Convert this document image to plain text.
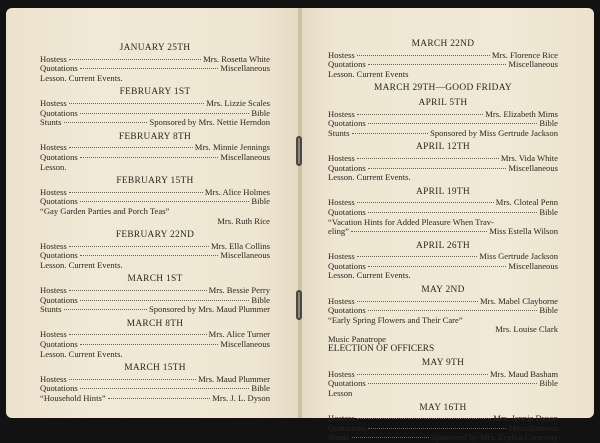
JANUARY 25TH
Hostess	Mrs. Rosetta White
Quotations	Miscellaneous
Lesson. Current Events.
FEBRUARY 1ST
Hostess	Mrs. Lizzie Scales
Quotations	Bible
Stunts	Sponsored by Mrs. Nettie Herndon
FEBRUARY 8TH
Hostess	Mrs. Minnie Jennings
Quotations	Miscellaneous
Lesson.
FEBRUARY 15TH
Hostess	Mrs. Alice Holmes
Quotations	Bible
“Gay Garden Parties and Porch Teas”
Mrs. Ruth Rice
FEBRUARY 22ND
Hostess	Mrs. Ella Collins
Quotations	Miscellaneous
Lesson. Current Events.
MARCH 1ST
Hostess	Mrs. Bessie Perry
Quotations	Bible
Stunts	Sponsored by Mrs. Maud Plummer
MARCH 8TH
Hostess	Mrs. Alice Turner
Quotations	Miscellaneous
Lesson. Current Events.
MARCH 15TH
Hostess	Mrs. Maud Plummer
Quotations	Bible
“Household Hints”	Mrs. J. L. Dyson
MARCH 22ND
Hostess	Mrs. Florence Rice
Quotations	Miscellaneous
Lesson. Current Events
MARCH 29TH—GOOD FRIDAY
APRIL 5TH
Hostess	Mrs. Elizabeth Mims
Quotations	Bible
Stunts	Sponsored by Miss Gertrude Jackson
APRIL 12TH
Hostess	Mrs. Vida White
Quotations	Miscellaneous
Lesson. Current Events.
APRIL 19TH
Hostess	Mrs. Cloteal Penn
Quotations	Bible
“Vacation Hints for Added Pleasure When Trav-
eling”	Miss Estella Wilson
APRIL 26TH
Hostess	Miss Gertrude Jackson
Quotations	Miscellaneous
Lesson. Current Events.
MAY 2ND
Hostess	Mrs. Mabel Clayborne
Quotations	Bible
“Early Spring Flowers and Their Care”
Mrs. Louise Clark
Music Panatrope
ELECTION OF OFFICERS
MAY 9TH
Hostess	Mrs. Maud Basham
Quotations	Bible
Lesson
MAY 16TH
Hostess	Mrs. Jennie Dyson
Quotations	Miscellaneous
Stunts	Sponsored by Mrs. Zephra Cararway
